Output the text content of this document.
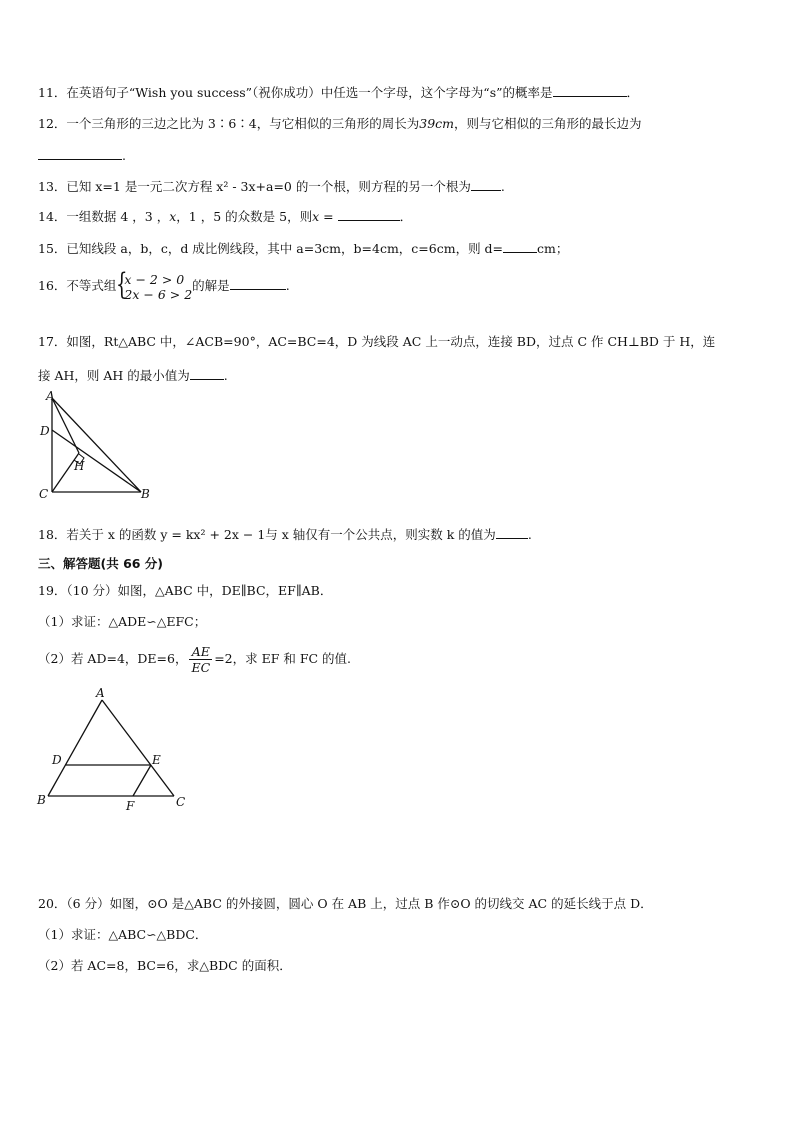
11．在英语句子“Wish you success”（祝你成功）中任选一个字母，这个字母为“s”的概率是	．
12．一个三角形的三边之比为 3∶6∶4，与它相似的三角形的周长为39cm，则与它相似的三角形的最长边为
.
13．已知 x=1 是一元二次方程 x² - 3x+a=0 的一个根，则方程的另一个根为 .
14．一组数据 4 ，3 ，x，1 ，5 的众数是 5，则x =	．
15．已知线段 a，b，c，d 成比例线段，其中 a=3cm，b=4cm，c=6cm，则 d=	cm；
16．不等式组 {
x − 2 > 0
2x − 6 > 2
的解是	.
17．如图，Rt△ABC 中，∠ACB=90°，AC=BC=4，D 为线段 AC 上一动点，连接 BD，过点 C 作 CH⊥BD 于 H，连
接 AH，则 AH 的最小值为	.
A
D
H
C	B
18．若关于 x 的函数 y = kx² + 2x − 1与 x 轴仅有一个公共点，则实数 k 的值为	.
三、解答题(共 66 分)
19．（10 分）如图，△ABC 中，DE∥BC，EF∥AB．
（1）求证：△ADE∽△EFC；
（2）若 AD=4，DE=6， $\frac{AE}{EC} =2$，求 EF 和 FC 的值.
A
D	E
B	F	C
20．（6 分）如图，⊙O 是△ABC 的外接圆，圆心 O 在 AB 上，过点 B 作⊙O 的切线交 AC 的延长线于点 D．
（1）求证：△ABC∽△BDC．
（2）若 AC=8，BC=6，求△BDC 的面积．
